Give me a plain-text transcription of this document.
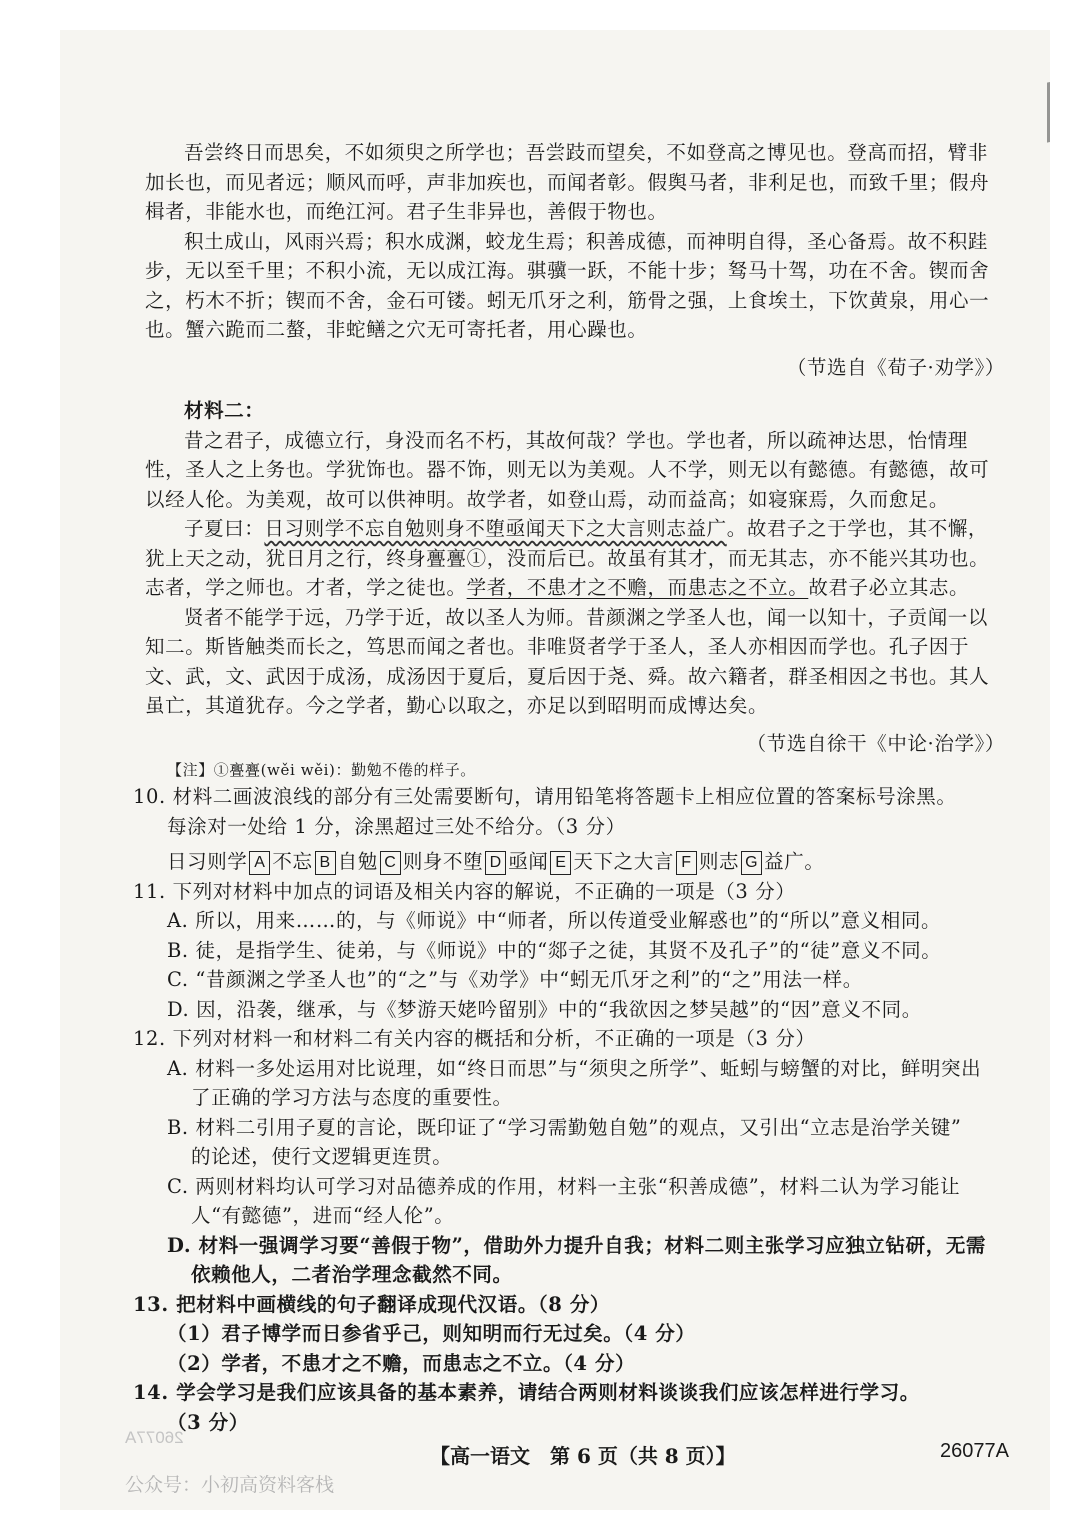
吾尝终日而思矣，不如须臾之所学也；吾尝跂而望矣，不如登高之博见也。登高而招，臂非加长也，而见者远；顺风而呼，声非加疾也，而闻者彰。假舆马者，非利足也，而致千里；假舟楫者，非能水也，而绝江河。君子生非异也，善假于物也。

积土成山，风雨兴焉；积水成渊，蛟龙生焉；积善成德，而神明自得，圣心备焉。故不积跬步，无以至千里；不积小流，无以成江海。骐骥一跃，不能十步；驽马十驾，功在不舍。锲而舍之，朽木不折；锲而不舍，金石可镂。蚓无爪牙之利，筋骨之强，上食埃土，下饮黄泉，用心一也。蟹六跪而二螯，非蛇鳝之穴无可寄托者，用心躁也。

（节选自《荀子·劝学》）

材料二：

昔之君子，成德立行，身没而名不朽，其故何哉？学也。学也者，所以疏神达思，怡情理性，圣人之上务也。学犹饰也。器不饰，则无以为美观。人不学，则无以有懿德。有懿德，故可以经人伦。为美观，故可以供神明。故学者，如登山焉，动而益高；如寝寐焉，久而愈足。

子夏曰：日习则学不忘自勉则身不堕亟闻天下之大言则志益广。故君子之于学也，其不懈，犹上天之动，犹日月之行，终身亹亹①，没而后已。故虽有其才，而无其志，亦不能兴其功也。志者，学之师也。才者，学之徒也。学者，不患才之不赡，而患志之不立。故君子必立其志。

贤者不能学于远，乃学于近，故以圣人为师。昔颜渊之学圣人也，闻一以知十，子贡闻一以知二。斯皆触类而长之，笃思而闻之者也。非唯贤者学于圣人，圣人亦相因而学也。孔子因于文、武，文、武因于成汤，成汤因于夏后，夏后因于尧、舜。故六籍者，群圣相因之书也。其人虽亡，其道犹存。今之学者，勤心以取之，亦足以到昭明而成博达矣。

（节选自徐干《中论·治学》）

【注】①亹亹(wěi wěi)：勤勉不倦的样子。

10. 材料二画波浪线的部分有三处需要断句，请用铅笔将答题卡上相应位置的答案标号涂黑。

每涂对一处给 1 分，涂黑超过三处不给分。（3 分）

日习则学 A 不忘 B 自勉 C 则身不堕 D 亟闻 E 天下之大言 F 则志 G 益广。

11. 下列对材料中加点的词语及相关内容的解说，不正确的一项是（3 分）

A. 所以，用来……的，与《师说》中“师者，所以传道受业解惑也”的“所以”意义相同。

B. 徒，是指学生、徒弟，与《师说》中的“郯子之徒，其贤不及孔子”的“徒”意义不同。

C. “昔颜渊之学圣人也”的“之”与《劝学》中“蚓无爪牙之利”的“之”用法一样。

D. 因，沿袭，继承，与《梦游天姥吟留别》中的“我欲因之梦吴越”的“因”意义不同。

12. 下列对材料一和材料二有关内容的概括和分析，不正确的一项是（3 分）

A. 材料一多处运用对比说理，如“终日而思”与“须臾之所学”、蚯蚓与螃蟹的对比，鲜明突出

了正确的学习方法与态度的重要性。

B. 材料二引用子夏的言论，既印证了“学习需勤勉自勉”的观点，又引出“立志是治学关键”

的论述，使行文逻辑更连贯。

C. 两则材料均认可学习对品德养成的作用，材料一主张“积善成德”，材料二认为学习能让

人“有懿德”，进而“经人伦”。

D. 材料一强调学习要“善假于物”，借助外力提升自我；材料二则主张学习应独立钻研，无需

依赖他人，二者治学理念截然不同。

13. 把材料中画横线的句子翻译成现代汉语。（8 分）

（1）君子博学而日参省乎己，则知明而行无过矣。（4 分）

（2）学者，不患才之不赡，而患志之不立。（4 分）

14. 学会学习是我们应该具备的基本素养，请结合两则材料谈谈我们应该怎样进行学习。

（3 分）

26077A
【高一语文　第 6 页（共 8 页）】	26077A
公众号：小初高资料客栈
